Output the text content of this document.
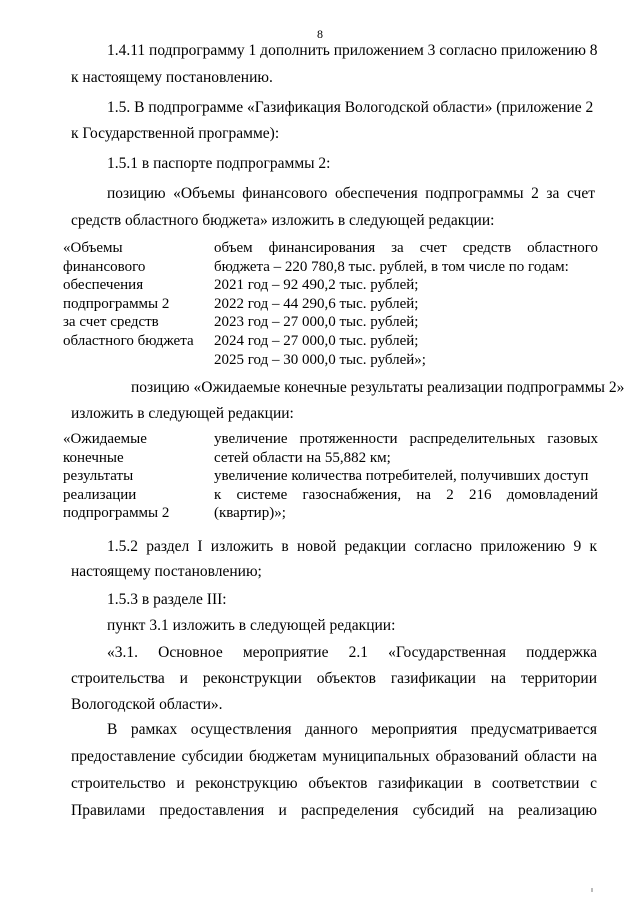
8
1.4.11 подпрограмму 1 дополнить приложением 3 согласно приложению 8
к настоящему постановлению.
1.5. В подпрограмме «Газификация Вологодской области» (приложение 2
к Государственной программе):
1.5.1 в паспорте подпрограммы 2:
позицию «Объемы финансового обеспечения подпрограммы 2 за счет
средств областного бюджета» изложить в следующей редакции:
«Объемы
финансового
обеспечения
подпрограммы 2
за счет средств
областного бюджета
объем финансирования за счет средств областного
бюджета – 220 780,8 тыс. рублей, в том числе по годам:
2021 год – 92 490,2 тыс. рублей;
2022 год – 44 290,6 тыс. рублей;
2023 год – 27 000,0 тыс. рублей;
2024 год – 27 000,0 тыс. рублей;
2025 год – 30 000,0 тыс. рублей»;
позицию «Ожидаемые конечные результаты реализации подпрограммы 2»
изложить в следующей редакции:
«Ожидаемые
конечные
результаты
реализации
подпрограммы 2
увеличение протяженности распределительных газовых
сетей области на 55,882 км;
увеличение количества потребителей, получивших доступ
к системе газоснабжения, на 2 216 домовладений
(квартир)»;
1.5.2 раздел I изложить в новой редакции согласно приложению 9 к
настоящему постановлению;
1.5.3 в разделе III:
пункт 3.1 изложить в следующей редакции:
«3.1. Основное мероприятие 2.1 «Государственная поддержка
строительства и реконструкции объектов газификации на территории
Вологодской области».
В рамках осуществления данного мероприятия предусматривается
предоставление субсидии бюджетам муниципальных образований области на
строительство и реконструкцию объектов газификации в соответствии с
Правилами предоставления и распределения субсидий на реализацию
